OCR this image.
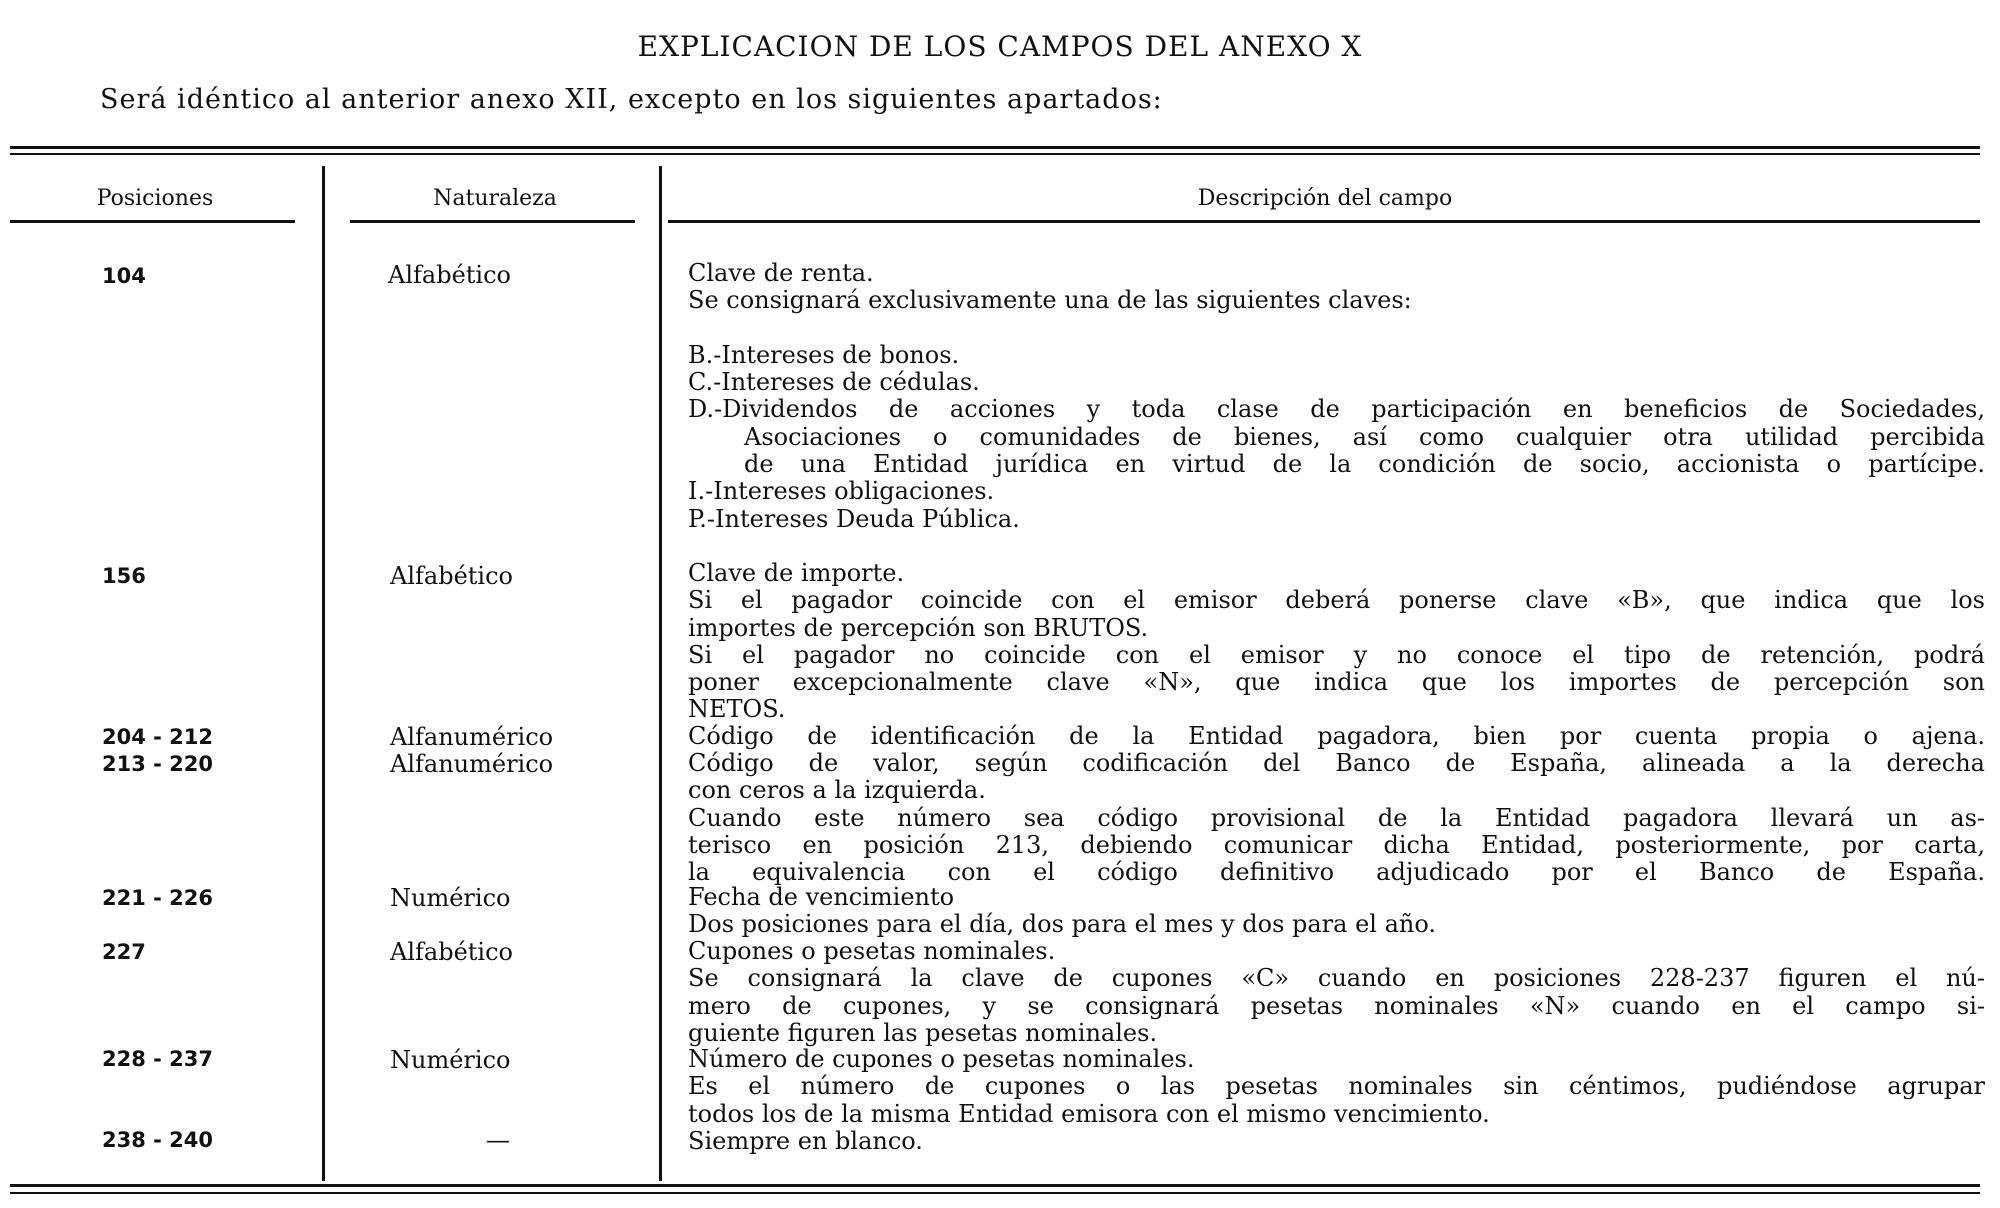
EXPLICACION DE LOS CAMPOS DEL ANEXO X
Será idéntico al anterior anexo XII, excepto en los siguientes apartados:
Posiciones	Naturaleza	Descripción del campo
104	Alfabético	Clave de renta.
Se consignará exclusivamente una de las siguientes claves:

B.-Intereses de bonos.
C.-Intereses de cédulas.
D.-Dividendos de acciones y toda clase de participación en beneficios de Sociedades,
Asociaciones o comunidades de bienes, así como cualquier otra utilidad percibida
de una Entidad jurídica en virtud de la condición de socio, accionista o partícipe.
I.-Intereses obligaciones.
P.-Intereses Deuda Pública.
156	Alfabético	Clave de importe.
Si el pagador coincide con el emisor deberá ponerse clave «B», que indica que los
importes de percepción son BRUTOS.
Si el pagador no coincide con el emisor y no conoce el tipo de retención, podrá
poner excepcionalmente clave «N», que indica que los importes de percepción son
NETOS.
204 - 212	Alfanumérico	Código de identificación de la Entidad pagadora, bien por cuenta propia o ajena.
213 - 220	Alfanumérico	Código de valor, según codificación del Banco de España, alineada a la derecha
con ceros a la izquierda.
Cuando este número sea código provisional de la Entidad pagadora llevará un as-
terisco en posición 213, debiendo comunicar dicha Entidad, posteriormente, por carta,
la equivalencia con el código definitivo adjudicado por el Banco de España.
221 - 226	Numérico	Fecha de vencimiento
Dos posiciones para el día, dos para el mes y dos para el año.
227	Alfabético	Cupones o pesetas nominales.
Se consignará la clave de cupones «C» cuando en posiciones 228-237 figuren el nú-
mero de cupones, y se consignará pesetas nominales «N» cuando en el campo si-
guiente figuren las pesetas nominales.
228 - 237	Numérico	Número de cupones o pesetas nominales.
Es el número de cupones o las pesetas nominales sin céntimos, pudiéndose agrupar
todos los de la misma Entidad emisora con el mismo vencimiento.
238 - 240	—	Siempre en blanco.
